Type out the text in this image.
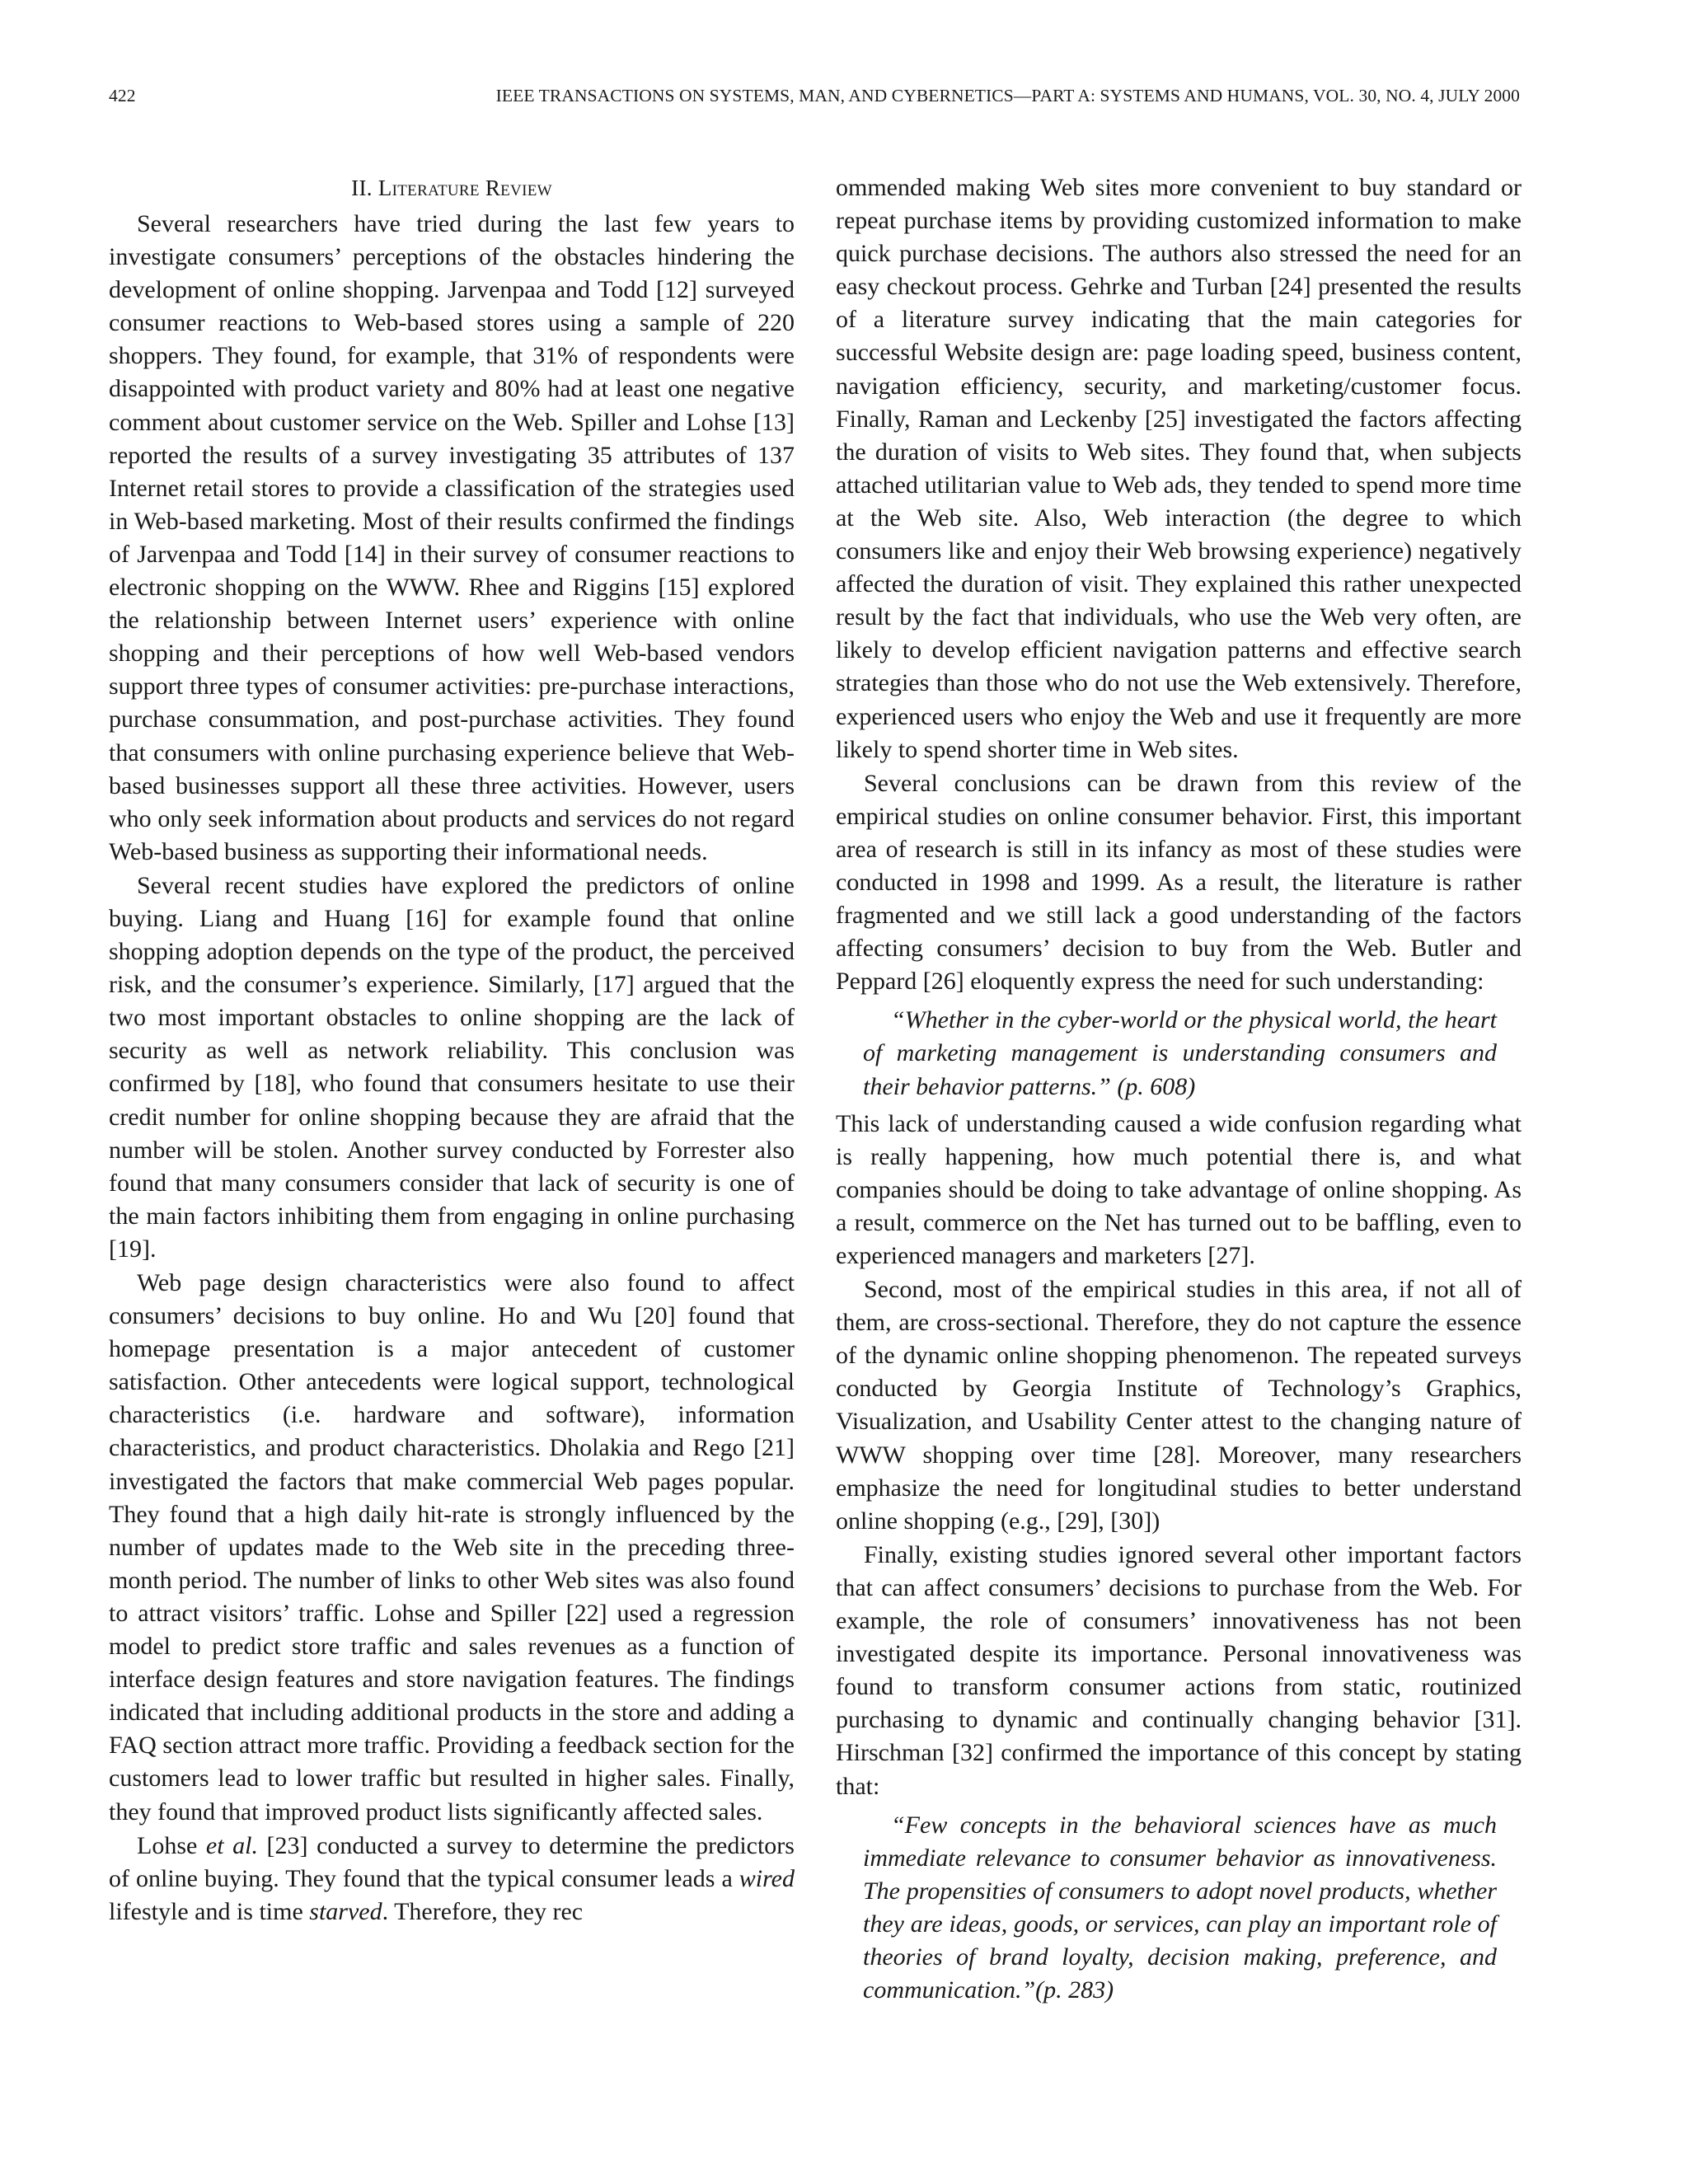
422	IEEE TRANSACTIONS ON SYSTEMS, MAN, AND CYBERNETICS—PART A: SYSTEMS AND HUMANS, VOL. 30, NO. 4, JULY 2000
II. Literature Review

Several researchers have tried during the last few years to investigate consumers’ perceptions of the obstacles hindering the development of online shopping. Jarvenpaa and Todd [12] surveyed consumer reactions to Web-based stores using a sample of 220 shoppers. They found, for example, that 31% of respondents were disappointed with product variety and 80% had at least one negative comment about customer service on the Web. Spiller and Lohse [13] reported the results of a survey investigating 35 attributes of 137 Internet retail stores to provide a classification of the strategies used in Web-based marketing. Most of their results confirmed the findings of Jarvenpaa and Todd [14] in their survey of consumer reactions to electronic shopping on the WWW. Rhee and Riggins [15] explored the relationship between Internet users’ experience with online shopping and their perceptions of how well Web-based vendors support three types of consumer activities: pre-purchase interactions, purchase consummation, and post-purchase activities. They found that consumers with online purchasing experience believe that Web-based businesses support all these three activities. However, users who only seek information about products and services do not regard Web-based business as supporting their informational needs.

Several recent studies have explored the predictors of online buying. Liang and Huang [16] for example found that online shopping adoption depends on the type of the product, the perceived risk, and the consumer’s experience. Similarly, [17] argued that the two most important obstacles to online shopping are the lack of security as well as network reliability. This conclusion was confirmed by [18], who found that consumers hesitate to use their credit number for online shopping because they are afraid that the number will be stolen. Another survey conducted by Forrester also found that many consumers consider that lack of security is one of the main factors inhibiting them from engaging in online purchasing [19].

Web page design characteristics were also found to affect consumers’ decisions to buy online. Ho and Wu [20] found that homepage presentation is a major antecedent of customer satisfaction. Other antecedents were logical support, technological characteristics (i.e. hardware and software), information characteristics, and product characteristics. Dholakia and Rego [21] investigated the factors that make commercial Web pages popular. They found that a high daily hit-rate is strongly influenced by the number of updates made to the Web site in the preceding three-month period. The number of links to other Web sites was also found to attract visitors’ traffic. Lohse and Spiller [22] used a regression model to predict store traffic and sales revenues as a function of interface design features and store navigation features. The findings indicated that including additional products in the store and adding a FAQ section attract more traffic. Providing a feedback section for the customers lead to lower traffic but resulted in higher sales. Finally, they found that improved product lists significantly affected sales.

Lohse et al. [23] conducted a survey to determine the predictors of online buying. They found that the typical consumer leads a wired lifestyle and is time starved. Therefore, they rec

ommended making Web sites more convenient to buy standard or repeat purchase items by providing customized information to make quick purchase decisions. The authors also stressed the need for an easy checkout process. Gehrke and Turban [24] presented the results of a literature survey indicating that the main categories for successful Website design are: page loading speed, business content, navigation efficiency, security, and marketing/customer focus. Finally, Raman and Leckenby [25] investigated the factors affecting the duration of visits to Web sites. They found that, when subjects attached utilitarian value to Web ads, they tended to spend more time at the Web site. Also, Web interaction (the degree to which consumers like and enjoy their Web browsing experience) negatively affected the duration of visit. They explained this rather unexpected result by the fact that individuals, who use the Web very often, are likely to develop efficient navigation patterns and effective search strategies than those who do not use the Web extensively. Therefore, experienced users who enjoy the Web and use it frequently are more likely to spend shorter time in Web sites.

Several conclusions can be drawn from this review of the empirical studies on online consumer behavior. First, this important area of research is still in its infancy as most of these studies were conducted in 1998 and 1999. As a result, the literature is rather fragmented and we still lack a good understanding of the factors affecting consumers’ decision to buy from the Web. Butler and Peppard [26] eloquently express the need for such understanding:

“Whether in the cyber-world or the physical world, the heart of marketing management is understanding consumers and their behavior patterns.” (p. 608)

This lack of understanding caused a wide confusion regarding what is really happening, how much potential there is, and what companies should be doing to take advantage of online shopping. As a result, commerce on the Net has turned out to be baffling, even to experienced managers and marketers [27].

Second, most of the empirical studies in this area, if not all of them, are cross-sectional. Therefore, they do not capture the essence of the dynamic online shopping phenomenon. The repeated surveys conducted by Georgia Institute of Technology’s Graphics, Visualization, and Usability Center attest to the changing nature of WWW shopping over time [28]. Moreover, many researchers emphasize the need for longitudinal studies to better understand online shopping (e.g., [29], [30])

Finally, existing studies ignored several other important factors that can affect consumers’ decisions to purchase from the Web. For example, the role of consumers’ innovativeness has not been investigated despite its importance. Personal innovativeness was found to transform consumer actions from static, routinized purchasing to dynamic and continually changing behavior [31]. Hirschman [32] confirmed the importance of this concept by stating that:

“Few concepts in the behavioral sciences have as much immediate relevance to consumer behavior as innovativeness. The propensities of consumers to adopt novel products, whether they are ideas, goods, or services, can play an important role of theories of brand loyalty, decision making, preference, and communication.”(p. 283)
